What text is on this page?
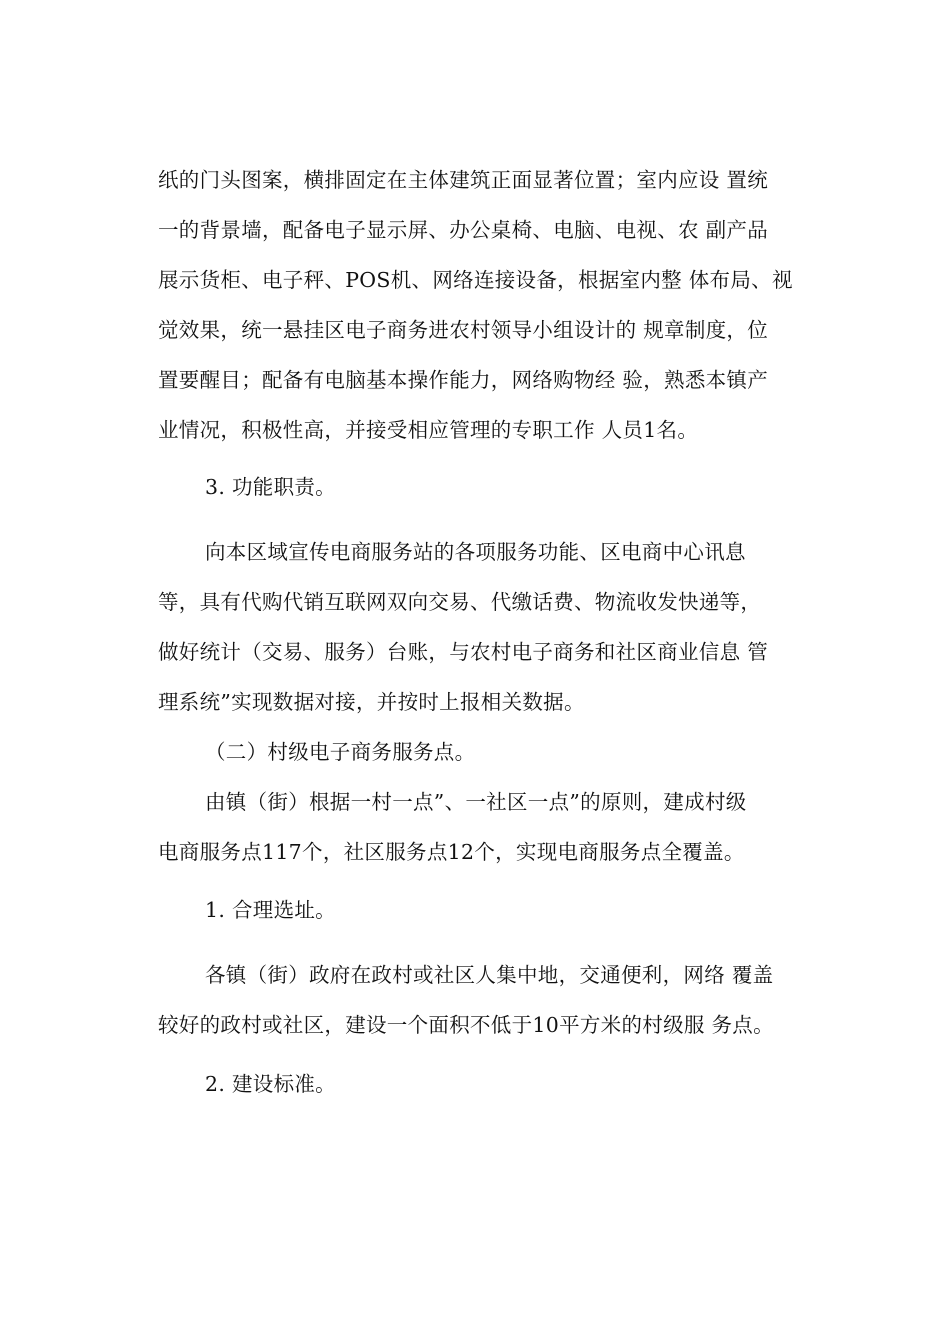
纸的门头图案，横排固定在主体建筑正面显著位置；室内应设 置统
一的背景墙，配备电子显示屏、办公桌椅、电脑、电视、农 副产品
展示货柜、电子秤、POS机、网络连接设备，根据室内整 体布局、视
觉效果，统一悬挂区电子商务进农村领导小组设计的 规章制度，位
置要醒目；配备有电脑基本操作能力，网络购物经 验，熟悉本镇产
业情况，积极性高，并接受相应管理的专职工作 人员1名。
3. 功能职责。
向本区域宣传电商服务站的各项服务功能、区电商中心讯息
等，具有代购代销互联网双向交易、代缴话费、物流收发快递等，
做好统计（交易、服务）台账，与农村电子商务和社区商业信息 管
理系统”实现数据对接，并按时上报相关数据。
（二）村级电子商务服务点。
由镇（街）根据一村一点”、一社区一点”的原则，建成村级
电商服务点117个，社区服务点12个，实现电商服务点全覆盖。
1. 合理选址。
各镇（街）政府在政村或社区人集中地，交通便利，网络 覆盖
较好的政村或社区，建设一个面积不低于10平方米的村级服 务点。
2. 建设标准。
